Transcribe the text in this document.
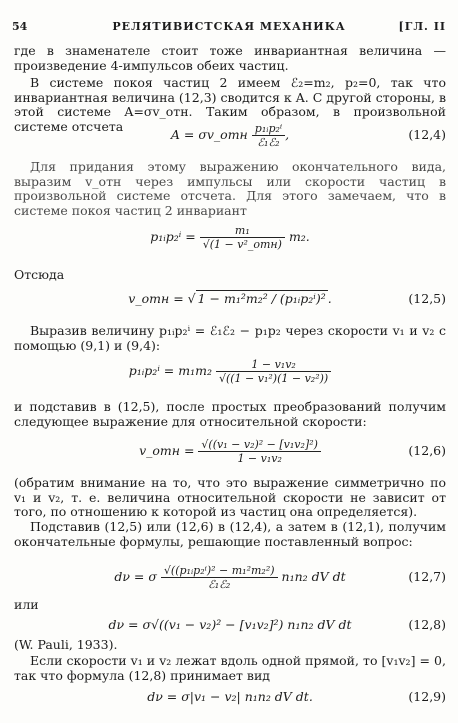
54	РЕЛЯТИВИСТСКАЯ МЕХАНИКА	[ГЛ. II
где в знаменателе стоит тоже инвариантная величина — произведение 4-импульсов обеих частиц.
В системе покоя частиц 2 имеем ℰ₂=m₂, p₂=0, так что инвариантная величина (12,3) сводится к A. С другой стороны, в этой системе A=σv_отн. Таким образом, в произвольной системе отсчета
A = σv_отн $\frac{\text{p₁ᵢp₂ⁱ}}{\text{ℰ₁ℰ₂}}$ ,	(12,4)
Для придания этому выражению окончательного вида, выразим v_отн через импульсы или скорости частиц в произвольной системе отсчета. Для этого замечаем, что в системе покоя частиц 2 инвариант
p₁ᵢp₂ⁱ = $\frac{\text{m₁}}{\text{√(1 − v²\_отн)}} m_2$.
Отсюда
v_отн = √ 1 − m₁²m₂² / (p₁ᵢp₂ⁱ)² .	(12,5)
Выразив величину p₁ᵢp₂ⁱ = ℰ₁ℰ₂ − p₁p₂ через скорости v₁ и v₂ с помощью (9,1) и (9,4):
p₁ᵢp₂ⁱ = $m_1m_2 \frac{\text{1 − v₁v₂}}{\text{√((1 − v₁²)(1 − v₂²))}}$
и подставив в (12,5), после простых преобразований получим следующее выражение для относительной скорости:
v_отн = $\frac{\text{√((v₁ − v₂)² − [v₁v₂]²)}}{\text{1 − v₁v₂}}$	(12,6)
(обратим внимание на то, что это выражение симметрично по v₁ и v₂, т. е. величина относительной скорости не зависит от того, по отношению к которой из частиц она определяется).
Подставив (12,5) или (12,6) в (12,4), а затем в (12,1), получим окончательные формулы, решающие поставленный вопрос:
dν = σ $\frac{\text{√((p₁ᵢp₂ⁱ)² − m₁²m₂²)}}{\text{ℰ₁ℰ₂}} n_1n_2$ dV dt	(12,7)
или
dν = σ√((v₁ − v₂)² − [v₁v₂]²) n₁n₂ dV dt	(12,8)
(W. Pauli, 1933).
Если скорости v₁ и v₂ лежат вдоль одной прямой, то [v₁v₂] = 0, так что формула (12,8) принимает вид
dν = σ|v₁ − v₂| n₁n₂ dV dt.	(12,9)
